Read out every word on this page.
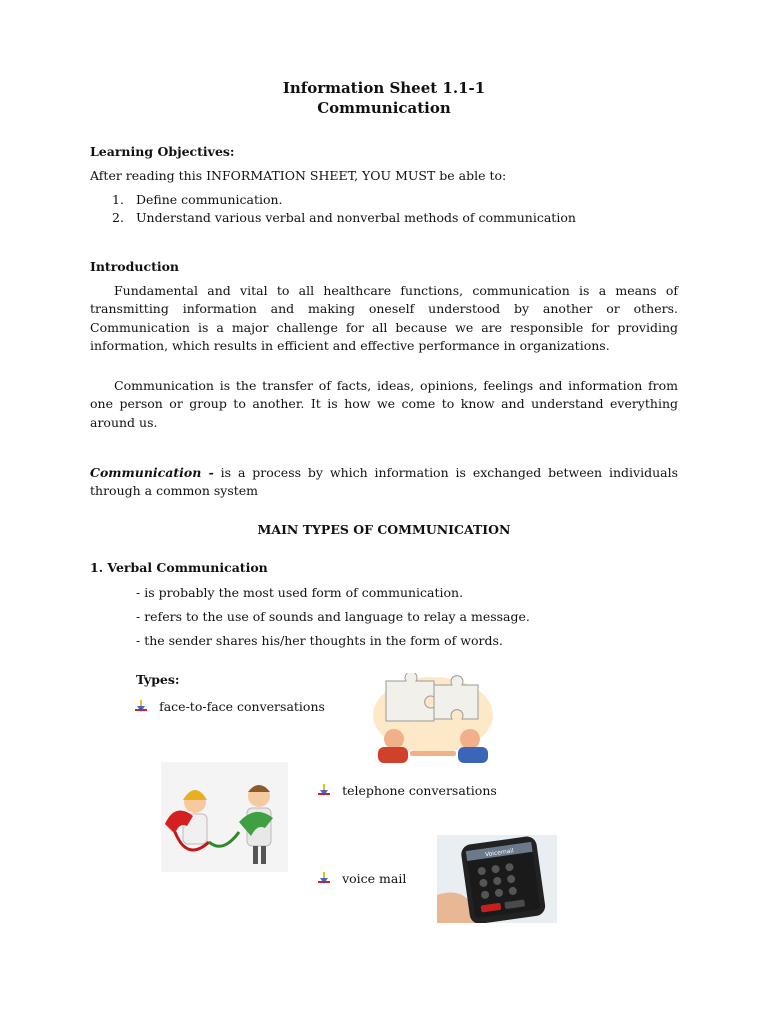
Information Sheet 1.1-1
Communication
Learning Objectives:
After reading this INFORMATION SHEET, YOU MUST be able to:
1. Define communication.
2. Understand various verbal and nonverbal methods of communication
Introduction
Fundamental and vital to all healthcare functions, communication is a means of transmitting information and making oneself understood by another or others. Communication is a major challenge for all because we are responsible for providing information, which results in efficient and effective performance in organizations.
Communication is the transfer of facts, ideas, opinions, feelings and information from one person or group to another. It is how we come to know and understand everything around us.
Communication - is a process by which information is exchanged between individuals through a common system
MAIN TYPES OF COMMUNICATION
1. Verbal Communication
- is probably the most used form of communication.
- refers to the use of sounds and language to relay a message.
- the sender shares his/her thoughts in the form of words.
Types:
face-to-face conversations
telephone conversations
voice mail
Voicemail
